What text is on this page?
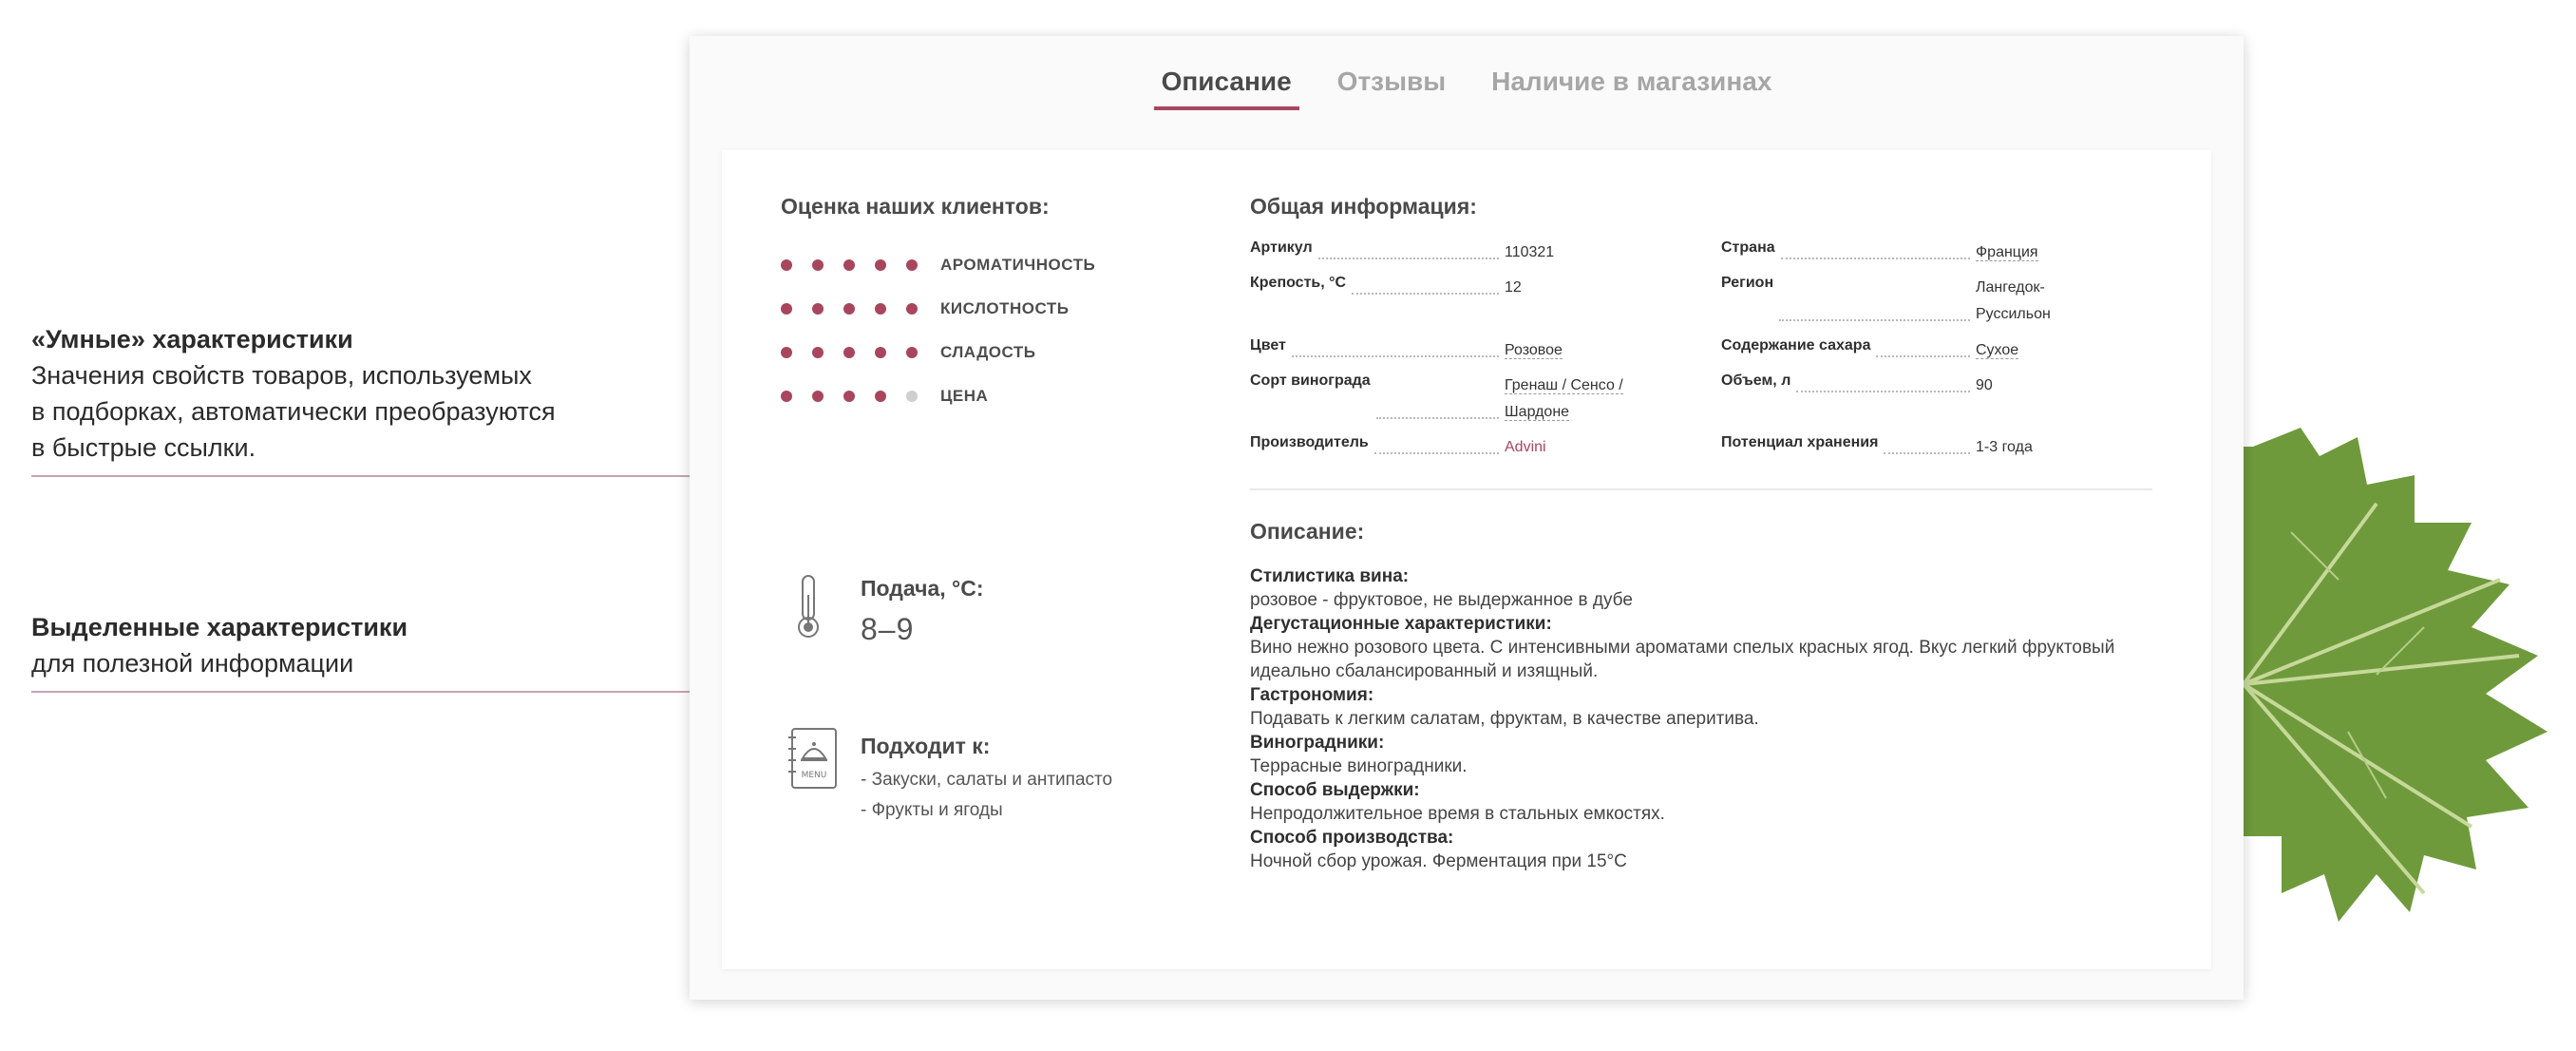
«Умные» характеристики
Значения свойств товаров, используемых
в подборках, автоматически преобразуются
в быстрые ссылки.
Выделенные характеристики
для полезной информации
Описание Отзывы Наличие в магазинах
Оценка наших клиентов:
АРОМАТИЧНОСТЬ
КИСЛОТНОСТЬ
СЛАДОСТЬ
ЦЕНА
Общая информация:
Артикул	110321
Крепость, °С	12
Цвет	Розовое
Сорт винограда	Гренаш / Сенсо / Шардоне
Производитель	Advini
Страна	Франция
Регион	Лангедок-Руссильон
Содержание сахара	Сухое
Объем, л	90
Потенциал хранения	1-3 года
Подача, °С:
8–9
MENU
Подходит к:
- Закуски, салаты и антипасто
- Фрукты и ягоды
Описание:
Стилистика вина:
розовое - фруктовое, не выдержанное в дубе
Дегустационные характеристики:
Вино нежно розового цвета. С интенсивными ароматами спелых красных ягод. Вкус легкий фруктовый идеально сбалансированный и изящный.
Гастрономия:
Подавать к легким салатам, фруктам, в качестве аперитива.
Виноградники:
Террасные виноградники.
Способ выдержки:
Непродолжительное время в стальных емкостях.
Способ производства:
Ночной сбор урожая. Ферментация при 15°С
